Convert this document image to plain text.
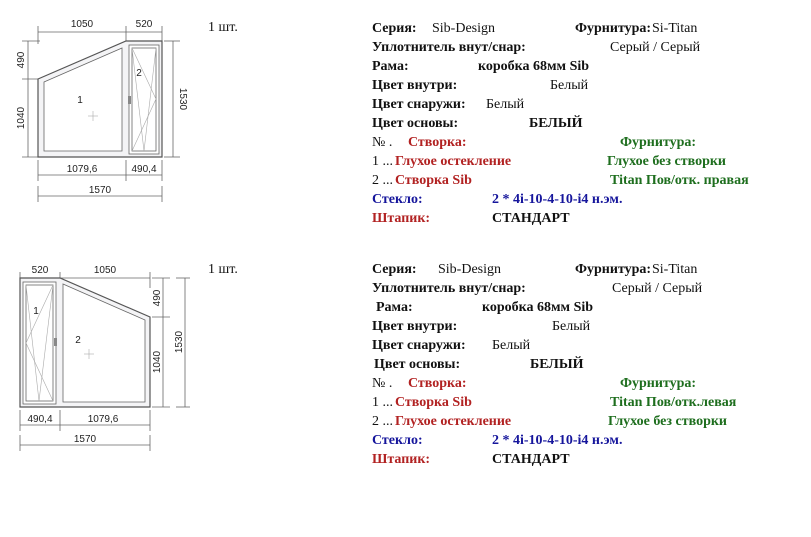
1050	520
490
1040
1530
1079,6	490,4
1570
1
2
1 шт.	Серия: Sib-Design	Фурнитура: Si-Titan
Уплотнитель внут/снар:	Серый / Серый
Рама:	коробка 68мм Sib
Цвет внутри:	Белый
Цвет снаружи: Белый
Цвет основы:	БЕЛЫЙ
№ . Створка:	Фурнитура:
1 ... Глухое остекление	Глухое без створки
2 ... Створка Sib	Titan Пов/отк. правая
Стекло:	2 * 4i-10-4-10-i4 н.эм.
Штапик:	СТАНДАРТ
520	1050
490
1040
1530
490,4	1079,6
1570
1
2
1 шт.	Серия: Sib-Design	Фурнитура: Si-Titan
Уплотнитель внут/снар:	Серый / Серый
Рама:	коробка 68мм Sib
Цвет внутри:	Белый
Цвет снаружи: Белый
Цвет основы:	БЕЛЫЙ
№ . Створка:	Фурнитура:
1 ... Створка Sib	Titan Пов/отк.левая
2 ... Глухое остекление	Глухое без створки
Стекло:	2 * 4i-10-4-10-i4 н.эм.
Штапик:	СТАНДАРТ
